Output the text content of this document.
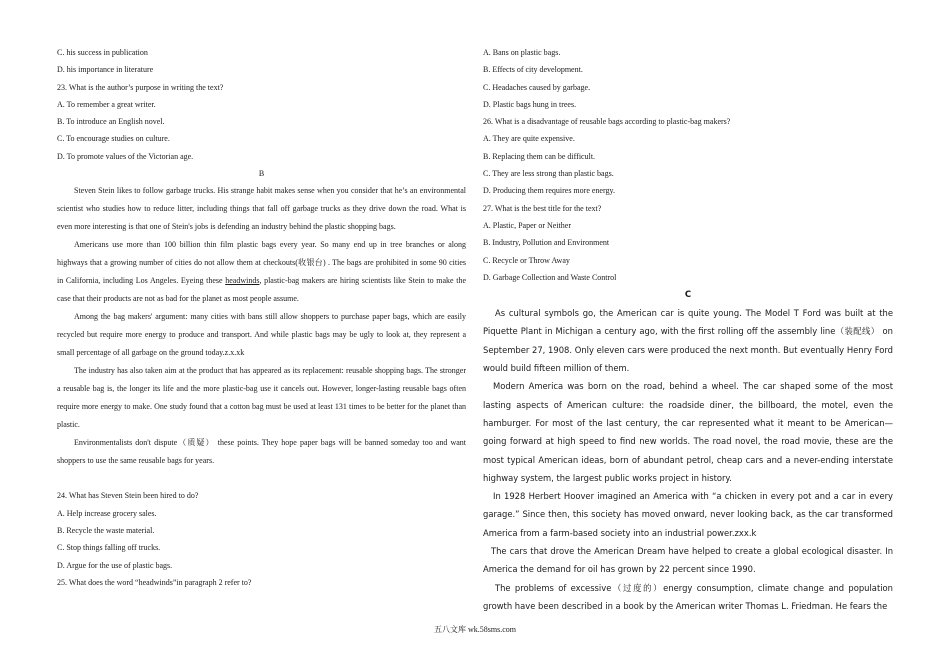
C. his success in publication

D. his importance in literature

23. What is the author’s purpose in writing the text?

A. To remember a great writer.

B. To introduce an English novel.

C. To encourage studies on culture.

D. To promote values of the Victorian age.

B

Steven Stein likes to follow garbage trucks. His strange habit makes sense when you consider that he’s an environmental scientist who studies how to reduce litter, including things that fall off garbage trucks as they drive down the road. What is even more interesting is that one of Stein's jobs is defending an industry behind the plastic shopping bags.

Americans use more than 100 billion thin film plastic bags every year. So many end up in tree branches or along highways that a growing number of cities do not allow them at checkouts(收银台) . The bags are prohibited in some 90 cities in California, including Los Angeles. Eyeing these headwinds, plastic-bag makers are hiring scientists like Stein to make the case that their products are not as bad for the planet as most people assume.

Among the bag makers' argument: many cities with bans still allow shoppers to purchase paper bags, which are easily recycled but require more energy to produce and transport. And while plastic bags may be ugly to look at, they represent a small percentage of all garbage on the ground today.z.x.xk

The industry has also taken aim at the product that has appeared as its replacement: reusable shopping bags. The stronger a reusable bag is, the longer its life and the more plastic-bag use it cancels out. However, longer-lasting reusable bags often require more energy to make. One study found that a cotton bag must be used at least 131 times to be better for the planet than plastic.

Environmentalists don't dispute（质疑） these points. They hope paper bags will be banned someday too and want shoppers to use the same reusable bags for years.

24. What has Steven Stein been hired to do?

A. Help increase grocery sales.

B. Recycle the waste material.

C. Stop things falling off trucks.

D. Argue for the use of plastic bags.

25. What does the word “headwinds”in paragraph 2 refer to?

A. Bans on plastic bags.

B. Effects of city development.

C. Headaches caused by garbage.

D. Plastic bags hung in trees.

26. What is a disadvantage of reusable bags according to plastic-bag makers?

A. They are quite expensive.

B. Replacing them can be difficult.

C. They are less strong than plastic bags.

D. Producing them requires more energy.

27. What is the best title for the text?

A. Plastic, Paper or Neither

B. Industry, Pollution and Environment

C. Recycle or Throw Away

D. Garbage Collection and Waste Control

C

As cultural symbols go, the American car is quite young. The Model T Ford was built at the Piquette Plant in Michigan a century ago, with the first rolling off the assembly line（装配线） on September 27, 1908. Only eleven cars were produced the next month. But eventually Henry Ford would build fifteen million of them.

Modern America was born on the road, behind a wheel. The car shaped some of the most lasting aspects of American culture: the roadside diner, the billboard, the motel, even the hamburger. For most of the last century, the car represented what it meant to be American—going forward at high speed to find new worlds. The road novel, the road movie, these are the most typical American ideas, born of abundant petrol, cheap cars and a never-ending interstate highway system, the largest public works project in history.

In 1928 Herbert Hoover imagined an America with “a chicken in every pot and a car in every garage.” Since then, this society has moved onward, never looking back, as the car transformed America from a farm-based society into an industrial power.zxx.k

The cars that drove the American Dream have helped to create a global ecological disaster. In America the demand for oil has grown by 22 percent since 1990.

The problems of excessive（过度的）energy consumption, climate change and population growth have been described in a book by the American writer Thomas L. Friedman. He fears the

五八文库 wk.58sms.com
